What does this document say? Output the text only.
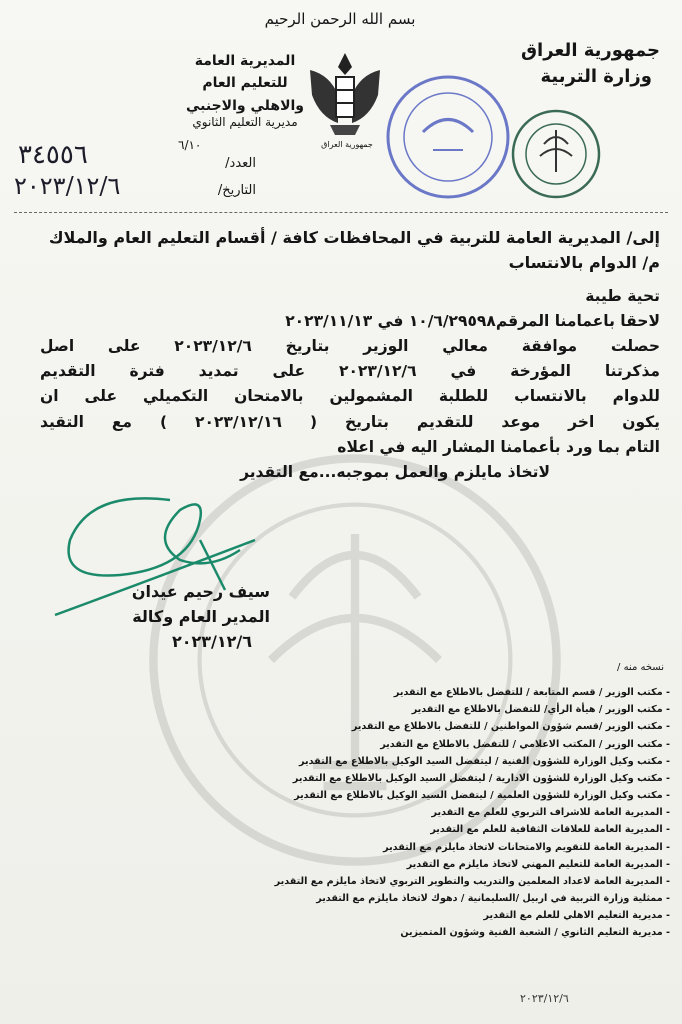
جمهورية العراق
بسم الله الرحمن الرحيم
جمهورية العراق
وزارة التربية
المديرية العامة للتعليم العام
والاهلي والاجنبي
مديرية التعليم الثانوي
٦/١٠
العدد/
التاريخ/
٣٤٥٥٦
٢٠٢٣/١٢/٦
إلى/ المديرية العامة للتربية في المحافظات كافة / أقسام التعليم العام والملاك
م/ الدوام بالانتساب

تحية طيبة

لاحقا باعمامنا المرقم١٠/٦/٢٩٥٩٨ في ٢٠٢٣/١١/١٣

حصلت موافقة معالي الوزير بتاريخ ٢٠٢٣/١٢/٦ على اصل

مذكرتنا المؤرخة في ٢٠٢٣/١٢/٦ على تمديد فترة التقديم

للدوام بالانتساب للطلبة المشمولين بالامتحان التكميلي على ان

يكون اخر موعد للتقديم بتاريخ ( ٢٠٢٣/١٢/١٦ ) مع التقيد

التام بما ورد بأعمامنا المشار اليه في اعلاه

لاتخاذ مايلزم والعمل بموجبه...مع التقدير

سيف رحيم عيدان
المدير العام وكالة
٢٠٢٣/١٢/٦
نسخه منه /
- مكتب الوزير / قسم المتابعة / للتفضل بالاطلاع مع التقدير
- مكتب الوزير / هيأة الرأي/ للتفضل بالاطلاع مع التقدير
- مكتب الوزير /قسم شؤون المواطنين / للتفضل بالاطلاع مع التقدير
- مكتب الوزير / المكتب الاعلامي / للتفضل بالاطلاع مع التقدير
- مكتب وكيل الوزارة للشؤون الفنية / ليتفضل السيد الوكيل بالاطلاع مع التقدير
- مكتب وكيل الوزارة للشؤون الادارية / ليتفضل السيد الوكيل بالاطلاع مع التقدير
- مكتب وكيل الوزارة للشؤون العلمية / ليتفضل السيد الوكيل بالاطلاع مع التقدير
- المديرية العامة للاشراف التربوي للعلم مع التقدير
- المديرية العامة للعلاقات الثقافية للعلم مع التقدير
- المديرية العامة للتقويم والامتحانات لاتخاذ مايلزم مع التقدير
- المديرية العامة للتعليم المهني لاتخاذ مايلزم مع التقدير
- المديرية العامة لاعداد المعلمين والتدريب والتطوير التربوي لاتخاذ مايلزم مع التقدير
- ممثلية وزارة التربية في اربيل /السليمانية / دهوك لاتخاذ مايلزم مع التقدير
- مديرية التعليم الاهلي للعلم مع التقدير
- مديرية التعليم الثانوي / الشعبة الفنية وشؤون المتميزين
٢٠٢٣/١٢/٦
